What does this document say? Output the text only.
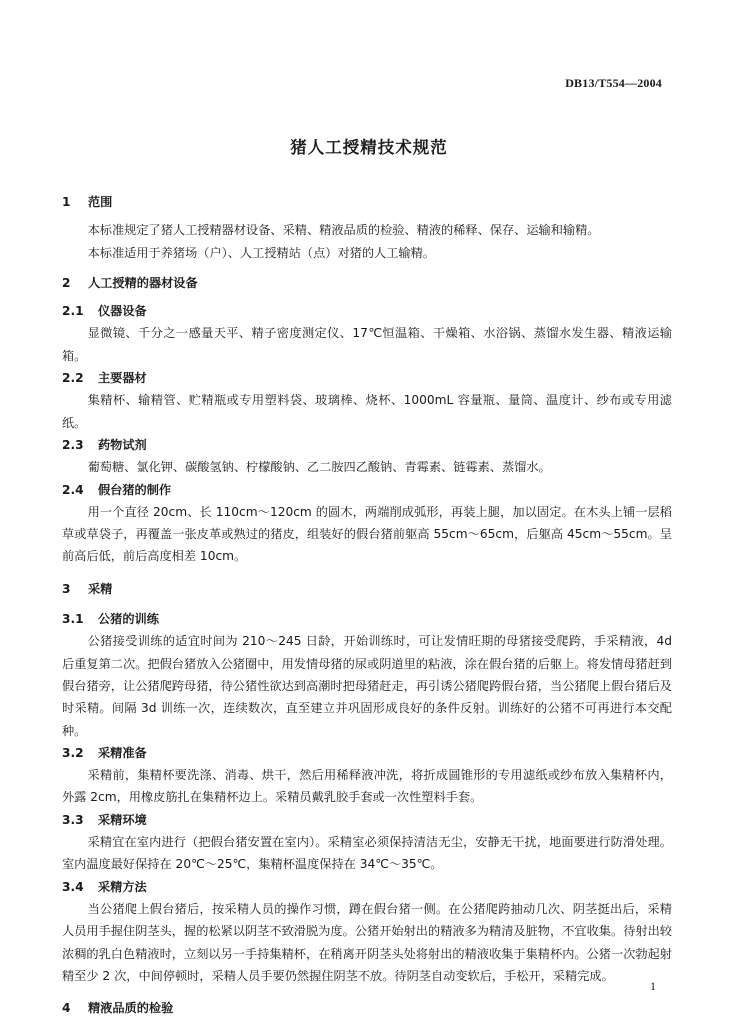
DB13/T554—2004
猪人工授精技术规范
1 范围

本标准规定了猪人工授精器材设备、采精、精液品质的检验、精液的稀释、保存、运输和输精。

本标准适用于养猪场（户）、人工授精站（点）对猪的人工输精。

2 人工授精的器材设备
2.1 仪器设备

显微镜、千分之一感量天平、精子密度测定仪、17℃恒温箱、干燥箱、水浴锅、蒸馏水发生器、精液运输箱。

2.2 主要器材

集精杯、输精管、贮精瓶或专用塑料袋、玻璃棒、烧杯、1000mL 容量瓶、量筒、温度计、纱布或专用滤纸。

2.3 药物试剂

葡萄糖、氯化钾、碳酸氢钠、柠檬酸钠、乙二胺四乙酸钠、青霉素、链霉素、蒸馏水。

2.4 假台猪的制作

用一个直径 20cm、长 110cm～120cm 的圆木，两端削成弧形，再装上腿，加以固定。在木头上铺一层稻草或草袋子，再覆盖一张皮革或熟过的猪皮，组装好的假台猪前躯高 55cm～65cm，后躯高 45cm～55cm。呈前高后低，前后高度相差 10cm。

3 采精
3.1 公猪的训练

公猪接受训练的适宜时间为 210～245 日龄，开始训练时，可让发情旺期的母猪接受爬跨，手采精液，4d 后重复第二次。把假台猪放入公猪圈中，用发情母猪的尿或阴道里的粘液，涂在假台猪的后躯上。将发情母猪赶到假台猪旁，让公猪爬跨母猪，待公猪性欲达到高潮时把母猪赶走，再引诱公猪爬跨假台猪，当公猪爬上假台猪后及时采精。间隔 3d 训练一次，连续数次，直至建立并巩固形成良好的条件反射。训练好的公猪不可再进行本交配种。

3.2 采精准备

采精前，集精杯要洗涤、消毒、烘干，然后用稀释液冲洗，将折成圆锥形的专用滤纸或纱布放入集精杯内，外露 2cm，用橡皮筋扎在集精杯边上。采精员戴乳胶手套或一次性塑料手套。

3.3 采精环境

采精宜在室内进行（把假台猪安置在室内）。采精室必须保持清洁无尘，安静无干扰，地面要进行防滑处理。室内温度最好保持在 20℃～25℃，集精杯温度保持在 34℃～35℃。

3.4 采精方法

当公猪爬上假台猪后，按采精人员的操作习惯，蹲在假台猪一侧。在公猪爬跨抽动几次、阴茎挺出后，采精人员用手握住阴茎头，握的松紧以阴茎不致滑脱为度。公猪开始射出的精液多为精清及脏物，不宜收集。待射出较浓稠的乳白色精液时，立刻以另一手持集精杯，在稍离开阴茎头处将射出的精液收集于集精杯内。公猪一次勃起射精至少 2 次，中间停顿时，采精人员手要仍然握住阴茎不放。待阴茎自动变软后，手松开，采精完成。

4 精液品质的检验
1
